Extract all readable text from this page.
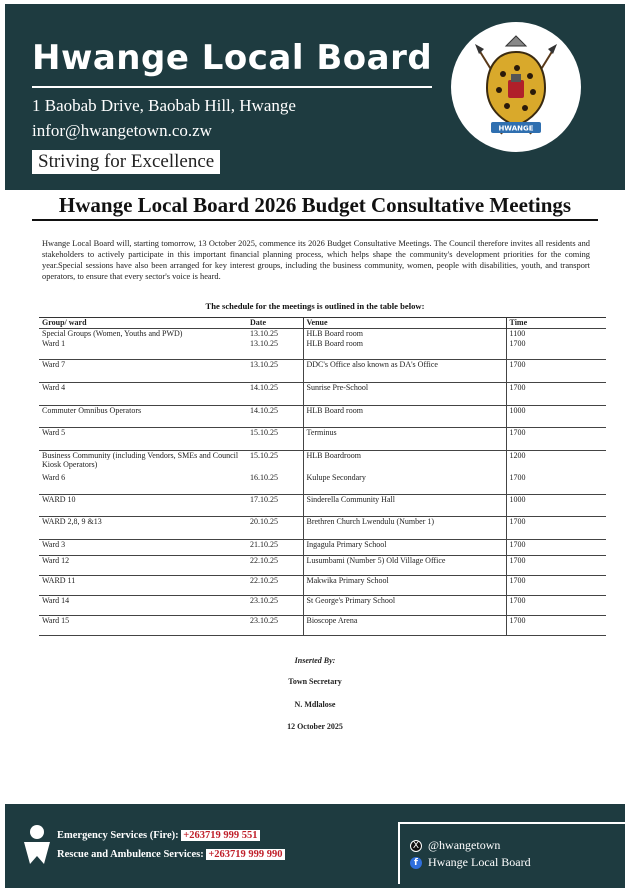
Hwange Local Board
1 Baobab Drive, Baobab Hill, Hwange
infor@hwangetown.co.zw
Striving for Excellence
HWANGE
Hwange Local Board 2026 Budget Consultative Meetings
Hwange Local Board will, starting tomorrow, 13 October 2025, commence its 2026 Budget Consultative Meetings. The Council therefore invites all residents and stakeholders to actively participate in this important financial planning process, which helps shape the community's development priorities for the coming year.Special sessions have also been arranged for key interest groups, including the business community, women, people with disabilities, youth, and transport operators, to ensure that every sector's voice is heard.
The schedule for the meetings is outlined in the table below:
Group/ ward	Date	Venue	Time
Special Groups (Women, Youths and PWD)	13.10.25	HLB Board room	1100
Ward 1	13.10.25	HLB Board room	1700
Ward 7	13.10.25	DDC's Office also known as DA's Office	1700
Ward 4	14.10.25	Sunrise Pre-School	1700
Commuter Omnibus Operators	14.10.25	HLB Board room	1000
Ward 5	15.10.25	Terminus	1700
Business Community (including Vendors, SMEs and Council Kiosk Operators)	15.10.25	HLB Boardroom	1200
Ward 6	16.10.25	Kulupe Secondary	1700
WARD 10	17.10.25	Sinderella Community Hall	1000
WARD 2,8, 9 &13	20.10.25	Brethren Church Lwendulu (Number 1)	1700
Ward 3	21.10.25	Ingagula Primary School	1700
Ward 12	22.10.25	Lusumbami (Number 5) Old Village Office	1700
WARD 11	22.10.25	Makwika Primary School	1700
Ward 14	23.10.25	St George's Primary School	1700
Ward 15	23.10.25	Bioscope Arena	1700
Inserted By:
Town Secretary
N. Mdlalose
12 October 2025
Emergency Services (Fire): +263719 999 551
Rescue and Ambulence Services: +263719 999 990
X @hwangetown
f Hwange Local Board
